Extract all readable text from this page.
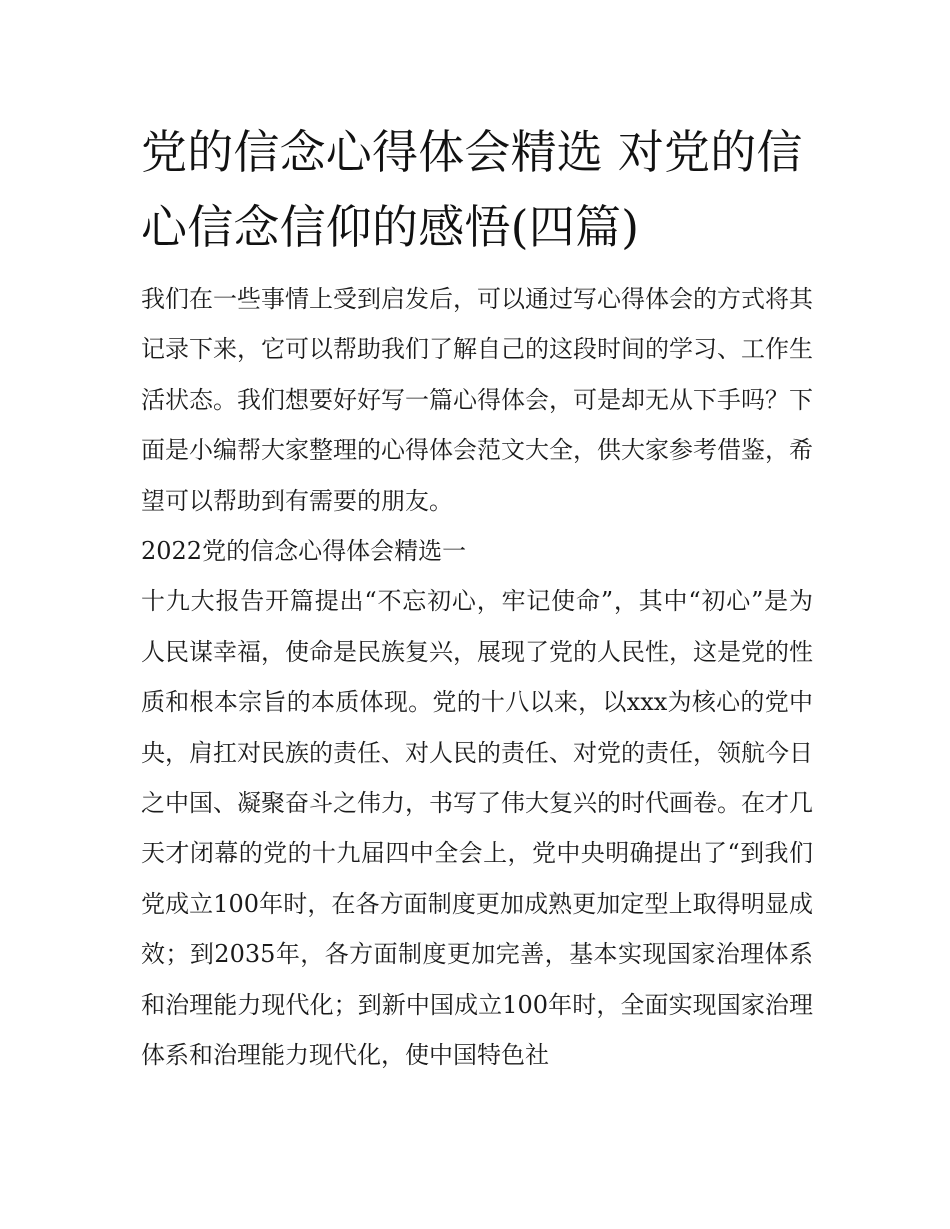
党的信念心得体会精选 对党的信心信念信仰的感悟(四篇)

我们在一些事情上受到启发后，可以通过写心得体会的方式将其记录下来，它可以帮助我们了解自己的这段时间的学习、工作生活状态。我们想要好好写一篇心得体会，可是却无从下手吗？下面是小编帮大家整理的心得体会范文大全，供大家参考借鉴，希望可以帮助到有需要的朋友。

2022党的信念心得体会精选一

十九大报告开篇提出“不忘初心，牢记使命”，其中“初心”是为人民谋幸福，使命是民族复兴，展现了党的人民性，这是党的性质和根本宗旨的本质体现。党的十八以来，以xxx为核心的党中央，肩扛对民族的责任、对人民的责任、对党的责任，领航今日之中国、凝聚奋斗之伟力，书写了伟大复兴的时代画卷。在才几天才闭幕的党的十九届四中全会上，党中央明确提出了“到我们党成立100年时，在各方面制度更加成熟更加定型上取得明显成效；到2035年，各方面制度更加完善，基本实现国家治理体系和治理能力现代化；到新中国成立100年时，全面实现国家治理体系和治理能力现代化，使中国特色社
